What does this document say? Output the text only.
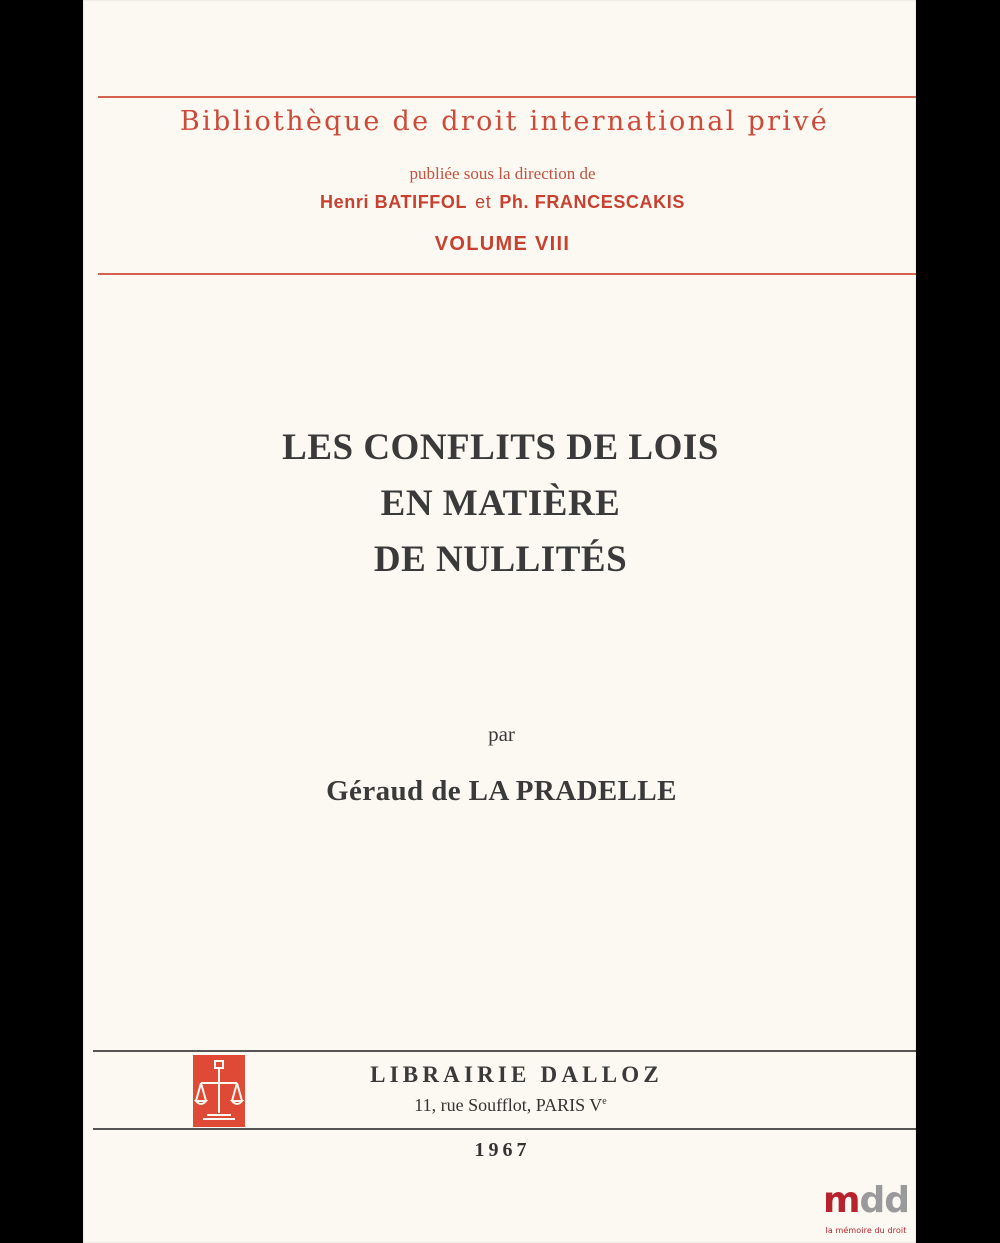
Bibliothèque de droit international privé
publiée sous la direction de
Henri BATIFFOL et Ph. FRANCESCAKIS
VOLUME VIII
LES CONFLITS DE LOIS
EN MATIÈRE
DE NULLITÉS
par
Géraud de LA PRADELLE
LIBRAIRIE DALLOZ
11, rue Soufflot, PARIS Ve
1967
mdd
la mémoire du droit
